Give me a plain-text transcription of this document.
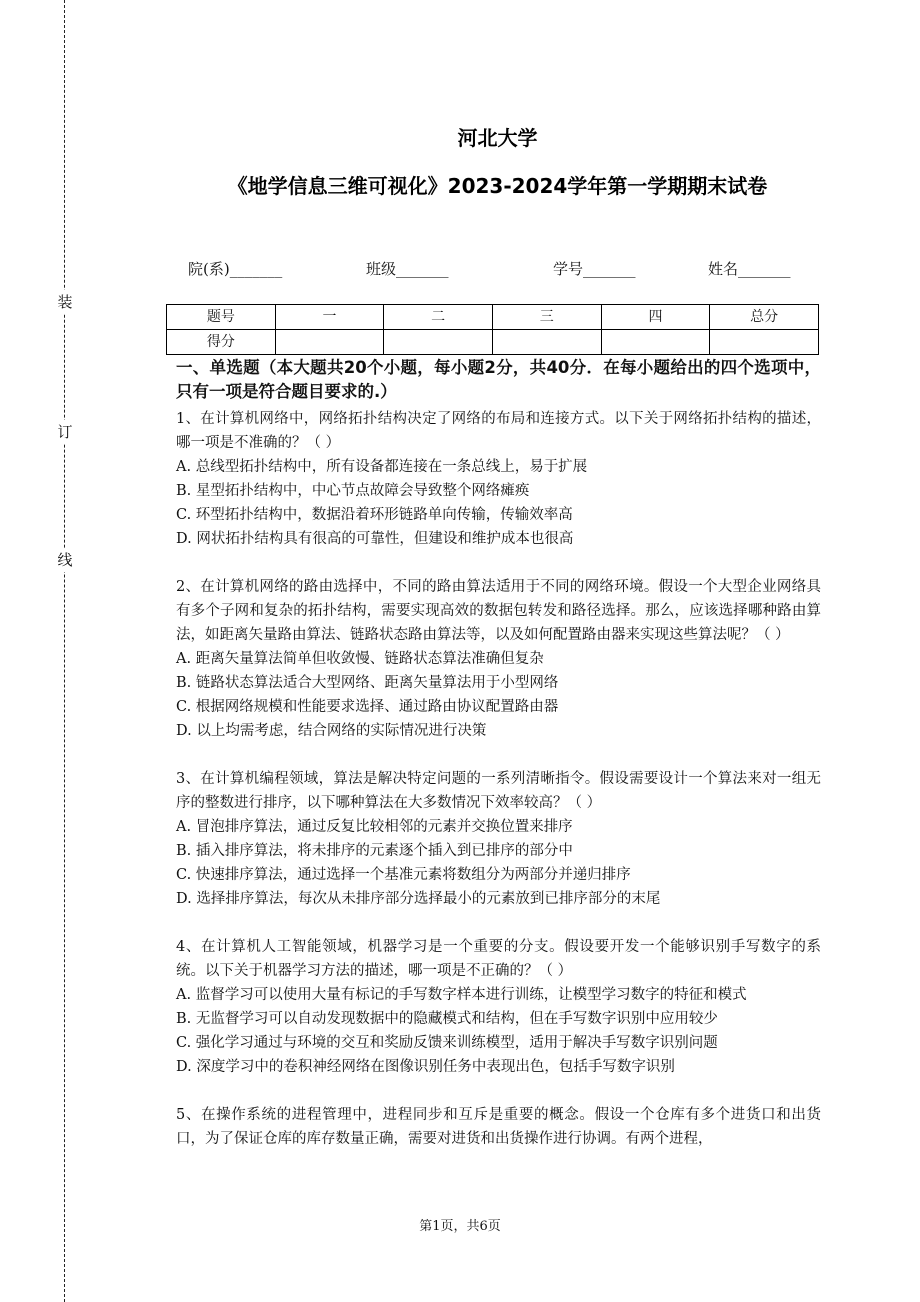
装
订
线
河北大学
《地学信息三维可视化》2023-2024学年第一学期期末试卷
院(系)_______	班级_______	学号_______	姓名_______
题号	一	二	三	四	总分
得分					
一、单选题（本大题共20个小题，每小题2分，共40分．在每小题给出的四个选项中，只有一项是符合题目要求的.）
1、在计算机网络中，网络拓扑结构决定了网络的布局和连接方式。以下关于网络拓扑结构的描述，哪一项是不准确的？（ ）
A. 总线型拓扑结构中，所有设备都连接在一条总线上，易于扩展
B. 星型拓扑结构中，中心节点故障会导致整个网络瘫痪
C. 环型拓扑结构中，数据沿着环形链路单向传输，传输效率高
D. 网状拓扑结构具有很高的可靠性，但建设和维护成本也很高
2、在计算机网络的路由选择中，不同的路由算法适用于不同的网络环境。假设一个大型企业网络具有多个子网和复杂的拓扑结构，需要实现高效的数据包转发和路径选择。那么，应该选择哪种路由算法，如距离矢量路由算法、链路状态路由算法等，以及如何配置路由器来实现这些算法呢？（ ）
A. 距离矢量算法简单但收敛慢、链路状态算法准确但复杂
B. 链路状态算法适合大型网络、距离矢量算法用于小型网络
C. 根据网络规模和性能要求选择、通过路由协议配置路由器
D. 以上均需考虑，结合网络的实际情况进行决策
3、在计算机编程领域，算法是解决特定问题的一系列清晰指令。假设需要设计一个算法来对一组无序的整数进行排序，以下哪种算法在大多数情况下效率较高？（ ）
A. 冒泡排序算法，通过反复比较相邻的元素并交换位置来排序
B. 插入排序算法，将未排序的元素逐个插入到已排序的部分中
C. 快速排序算法，通过选择一个基准元素将数组分为两部分并递归排序
D. 选择排序算法，每次从未排序部分选择最小的元素放到已排序部分的末尾
4、在计算机人工智能领域，机器学习是一个重要的分支。假设要开发一个能够识别手写数字的系统。以下关于机器学习方法的描述，哪一项是不正确的？（ ）
A. 监督学习可以使用大量有标记的手写数字样本进行训练，让模型学习数字的特征和模式
B. 无监督学习可以自动发现数据中的隐藏模式和结构，但在手写数字识别中应用较少
C. 强化学习通过与环境的交互和奖励反馈来训练模型，适用于解决手写数字识别问题
D. 深度学习中的卷积神经网络在图像识别任务中表现出色，包括手写数字识别
5、在操作系统的进程管理中，进程同步和互斥是重要的概念。假设一个仓库有多个进货口和出货口，为了保证仓库的库存数量正确，需要对进货和出货操作进行协调。有两个进程，
第1页，共6页
